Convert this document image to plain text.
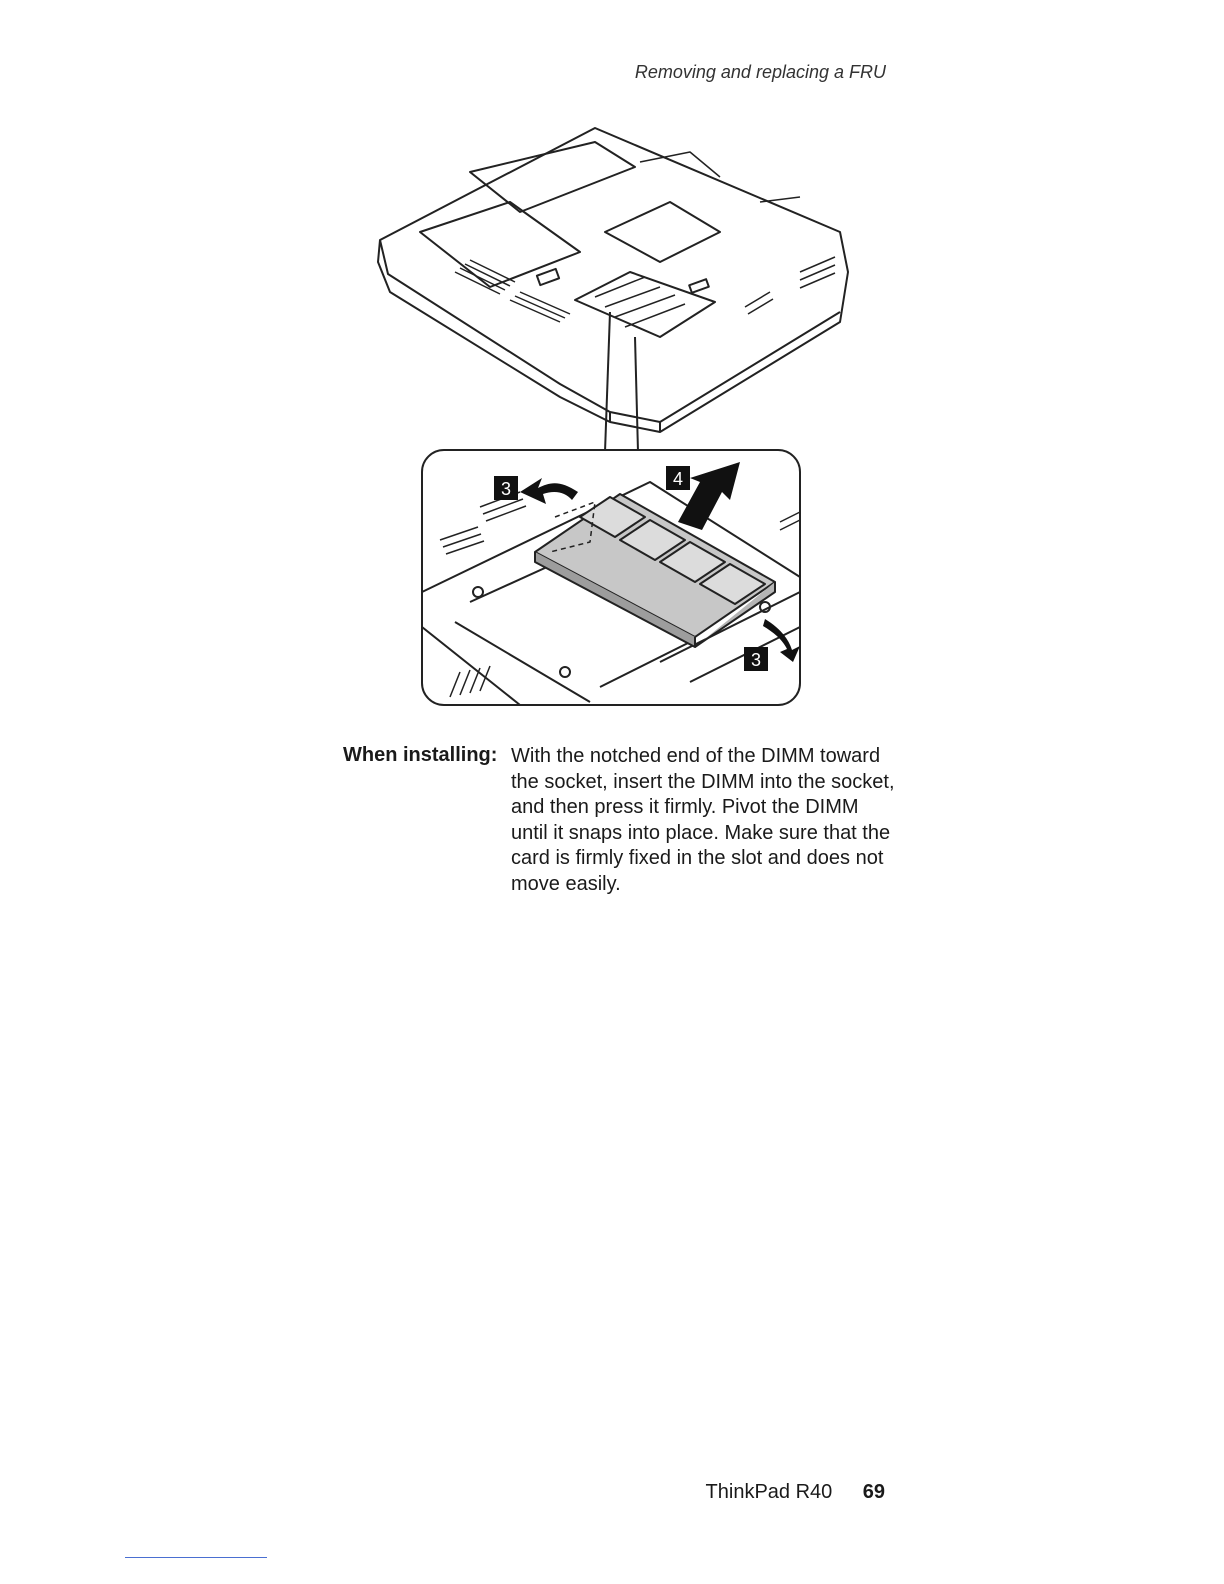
Removing and replacing a FRU
3	4
3
When installing: With the notched end of the DIMM toward the socket, insert the DIMM into the socket, and then press it firmly. Pivot the DIMM until it snaps into place. Make sure that the card is firmly fixed in the slot and does not move easily.
ThinkPad R40 69
